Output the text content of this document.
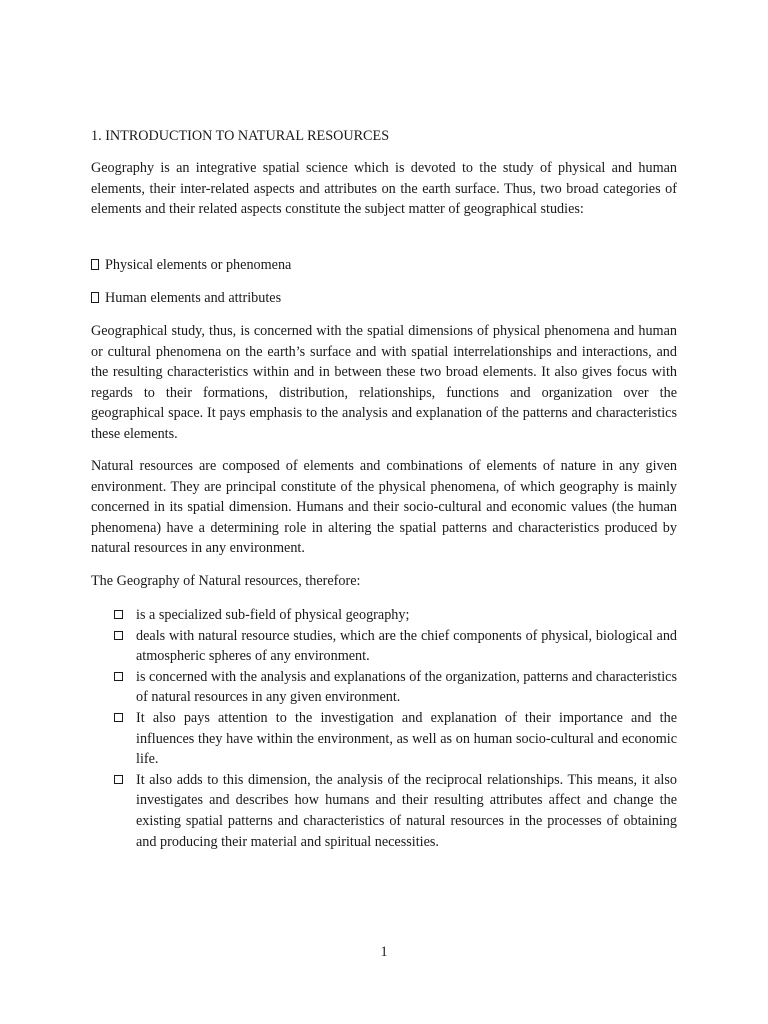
1. INTRODUCTION TO NATURAL RESOURCES

Geography is an integrative spatial science which is devoted to the study of physical and human elements, their inter-related aspects and attributes on the earth surface. Thus, two broad categories of elements and their related aspects constitute the subject matter of geographical studies:

Physical elements or phenomena

Human elements and attributes

Geographical study, thus, is concerned with the spatial dimensions of physical phenomena and human or cultural phenomena on the earth’s surface and with spatial interrelationships and interactions, and the resulting characteristics within and in between these two broad elements. It also gives focus with regards to their formations, distribution, relationships, functions and organization over the geographical space. It pays emphasis to the analysis and explanation of the patterns and characteristics these elements.

Natural resources are composed of elements and combinations of elements of nature in any given environment. They are principal constitute of the physical phenomena, of which geography is mainly concerned in its spatial dimension. Humans and their socio-cultural and economic values (the human phenomena) have a determining role in altering the spatial patterns and characteristics produced by natural resources in any environment.

The Geography of Natural resources, therefore:

is a specialized sub-field of physical geography;
deals with natural resource studies, which are the chief components of physical, biological and atmospheric spheres of any environment.
is concerned with the analysis and explanations of the organization, patterns and characteristics of natural resources in any given environment.
It also pays attention to the investigation and explanation of their importance and the influences they have within the environment, as well as on human socio-cultural and economic life.
It also adds to this dimension, the analysis of the reciprocal relationships. This means, it also investigates and describes how humans and their resulting attributes affect and change the existing spatial patterns and characteristics of natural resources in the processes of obtaining and producing their material and spiritual necessities.

1
